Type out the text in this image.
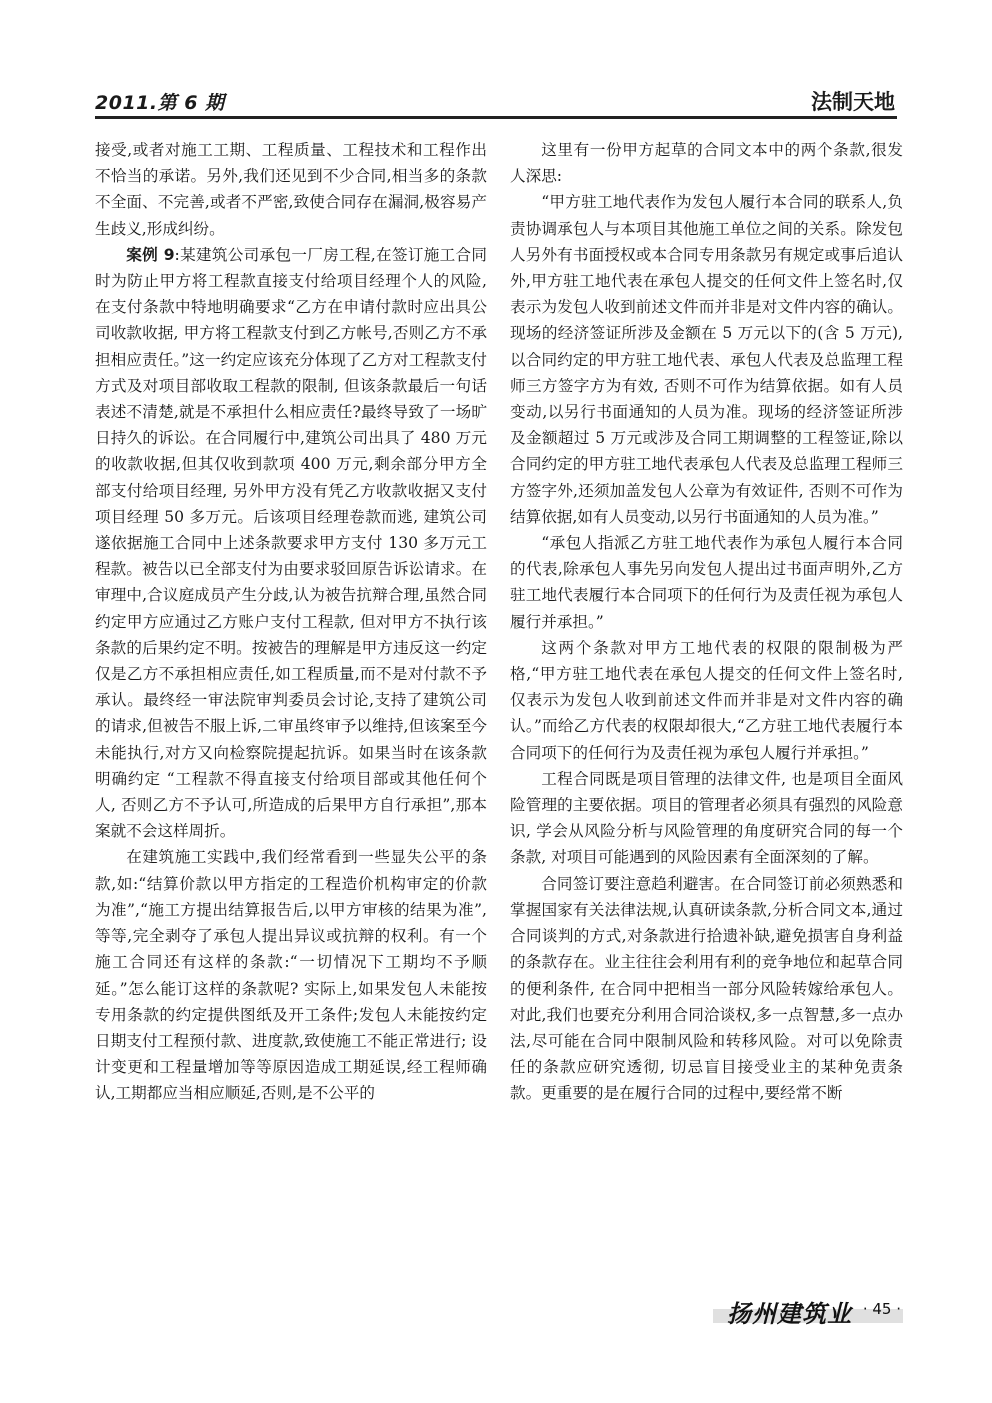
2011.第 6 期	法制天地

接受,或者对施工工期、工程质量、工程技术和工程作出不恰当的承诺。另外,我们还见到不少合同,相当多的条款不全面、不完善,或者不严密,致使合同存在漏洞,极容易产生歧义,形成纠纷。

案例 9:某建筑公司承包一厂房工程,在签订施工合同时为防止甲方将工程款直接支付给项目经理个人的风险,在支付条款中特地明确要求“乙方在申请付款时应出具公司收款收据, 甲方将工程款支付到乙方帐号,否则乙方不承担相应责任。”这一约定应该充分体现了乙方对工程款支付方式及对项目部收取工程款的限制, 但该条款最后一句话表述不清楚,就是不承担什么相应责任?最终导致了一场旷日持久的诉讼。在合同履行中,建筑公司出具了 480 万元的收款收据,但其仅收到款项 400 万元,剩余部分甲方全部支付给项目经理, 另外甲方没有凭乙方收款收据又支付项目经理 50 多万元。后该项目经理卷款而逃, 建筑公司遂依据施工合同中上述条款要求甲方支付 130 多万元工程款。被告以已全部支付为由要求驳回原告诉讼请求。在审理中,合议庭成员产生分歧,认为被告抗辩合理,虽然合同约定甲方应通过乙方账户支付工程款, 但对甲方不执行该条款的后果约定不明。按被告的理解是甲方违反这一约定仅是乙方不承担相应责任,如工程质量,而不是对付款不予承认。最终经一审法院审判委员会讨论,支持了建筑公司的请求,但被告不服上诉,二审虽终审予以维持,但该案至今未能执行,对方又向检察院提起抗诉。如果当时在该条款明确约定 “工程款不得直接支付给项目部或其他任何个人, 否则乙方不予认可,所造成的后果甲方自行承担”,那本案就不会这样周折。

在建筑施工实践中,我们经常看到一些显失公平的条款,如:“结算价款以甲方指定的工程造价机构审定的价款为准”,“施工方提出结算报告后,以甲方审核的结果为准”,等等,完全剥夺了承包人提出异议或抗辩的权利。有一个施工合同还有这样的条款:“一切情况下工期均不予顺延。”怎么能订这样的条款呢? 实际上,如果发包人未能按专用条款的约定提供图纸及开工条件;发包人未能按约定日期支付工程预付款、进度款,致使施工不能正常进行; 设计变更和工程量增加等等原因造成工期延误,经工程师确认,工期都应当相应顺延,否则,是不公平的

这里有一份甲方起草的合同文本中的两个条款,很发人深思:

“甲方驻工地代表作为发包人履行本合同的联系人,负责协调承包人与本项目其他施工单位之间的关系。除发包人另外有书面授权或本合同专用条款另有规定或事后追认外,甲方驻工地代表在承包人提交的任何文件上签名时,仅表示为发包人收到前述文件而并非是对文件内容的确认。现场的经济签证所涉及金额在 5 万元以下的(含 5 万元),以合同约定的甲方驻工地代表、承包人代表及总监理工程师三方签字方为有效, 否则不可作为结算依据。如有人员变动,以另行书面通知的人员为准。现场的经济签证所涉及金额超过 5 万元或涉及合同工期调整的工程签证,除以合同约定的甲方驻工地代表承包人代表及总监理工程师三方签字外,还须加盖发包人公章为有效证件, 否则不可作为结算依据,如有人员变动,以另行书面通知的人员为准。”

“承包人指派乙方驻工地代表作为承包人履行本合同的代表,除承包人事先另向发包人提出过书面声明外,乙方驻工地代表履行本合同项下的任何行为及责任视为承包人履行并承担。”

这两个条款对甲方工地代表的权限的限制极为严格,“甲方驻工地代表在承包人提交的任何文件上签名时, 仅表示为发包人收到前述文件而并非是对文件内容的确认。”而给乙方代表的权限却很大,“乙方驻工地代表履行本合同项下的任何行为及责任视为承包人履行并承担。”

工程合同既是项目管理的法律文件, 也是项目全面风险管理的主要依据。项目的管理者必须具有强烈的风险意识, 学会从风险分析与风险管理的角度研究合同的每一个条款, 对项目可能遇到的风险因素有全面深刻的了解。

合同签订要注意趋利避害。在合同签订前必须熟悉和掌握国家有关法律法规,认真研读条款,分析合同文本,通过合同谈判的方式,对条款进行拾遗补缺,避免损害自身利益的条款存在。业主往往会利用有利的竞争地位和起草合同的便利条件, 在合同中把相当一部分风险转嫁给承包人。对此,我们也要充分利用合同洽谈权,多一点智慧,多一点办法,尽可能在合同中限制风险和转移风险。对可以免除责任的条款应研究透彻, 切忌盲目接受业主的某种免责条款。更重要的是在履行合同的过程中,要经常不断

扬州建筑业 · 45 ·
